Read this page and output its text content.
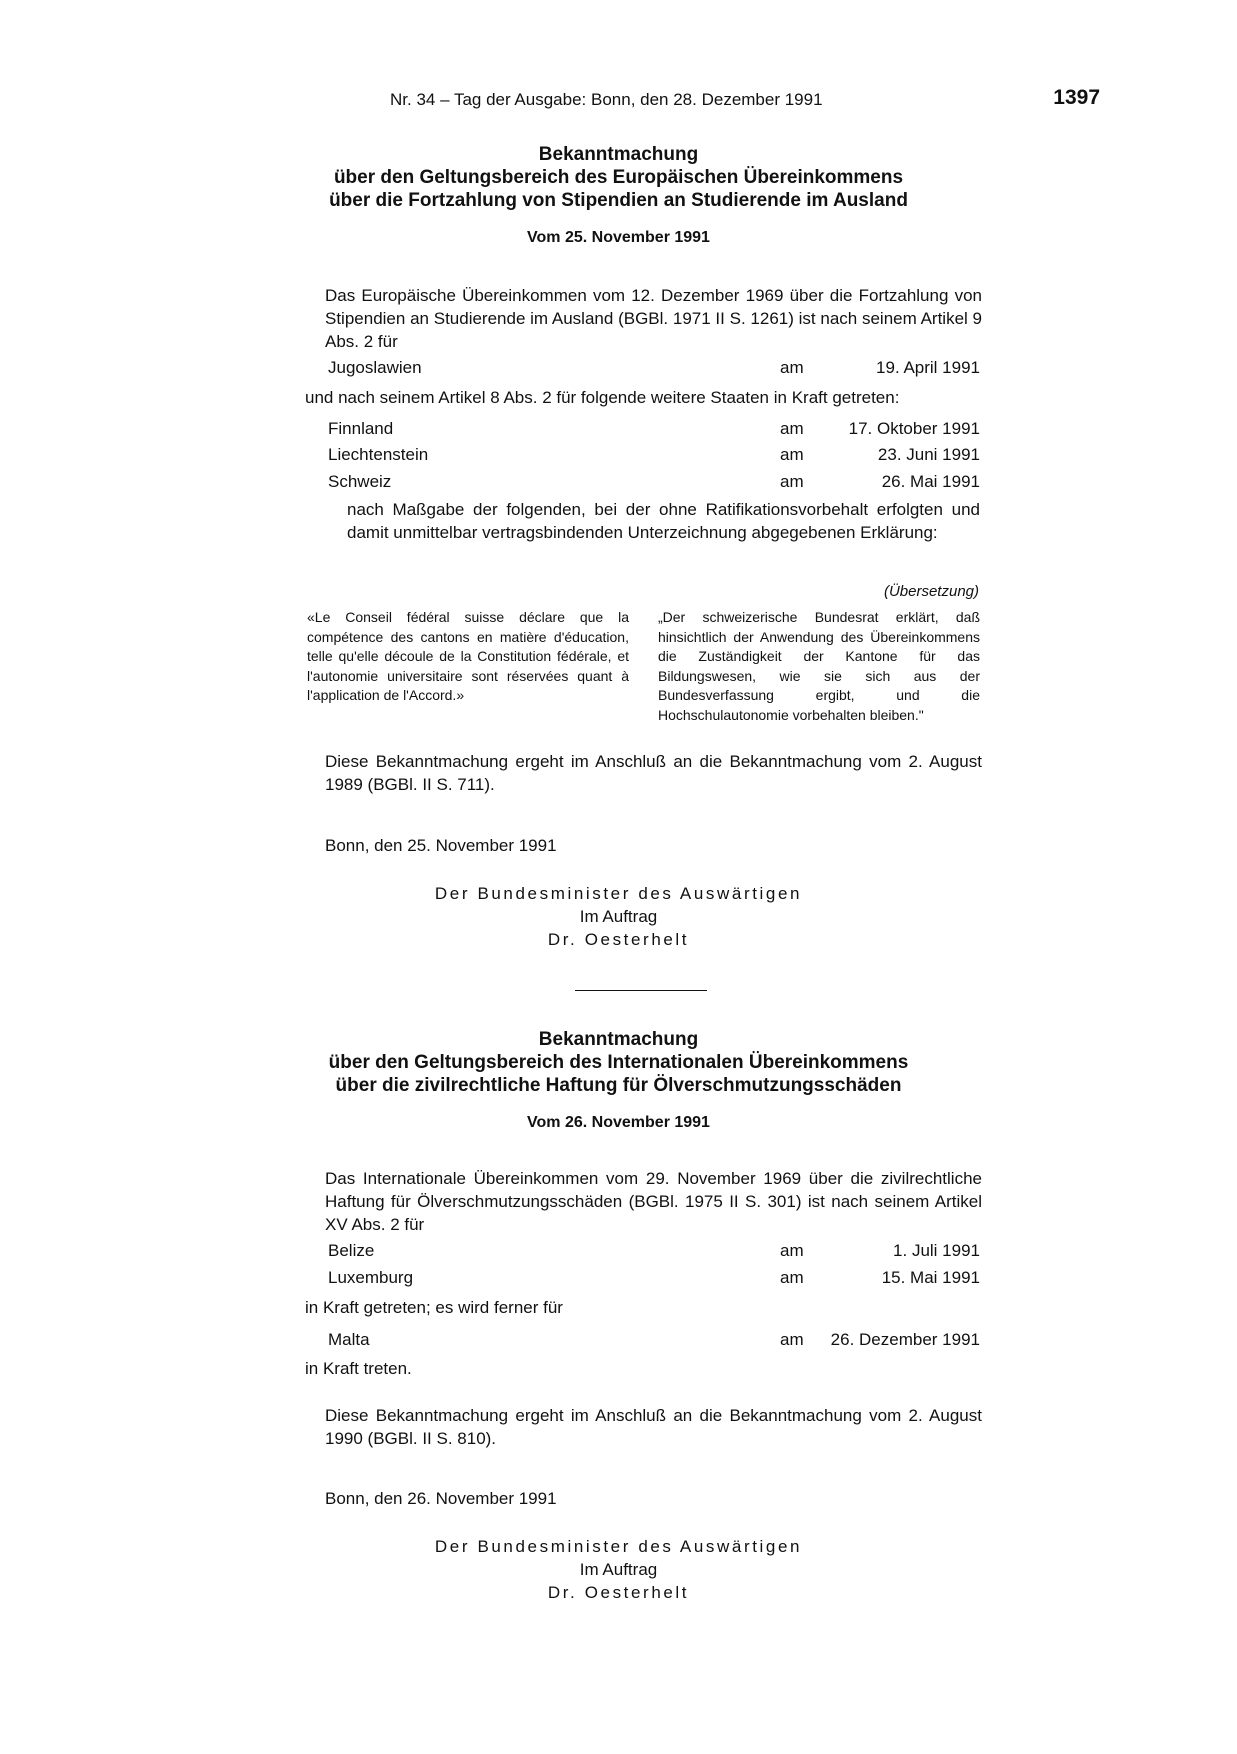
Nr. 34 – Tag der Ausgabe: Bonn, den 28. Dezember 1991	1397
Bekanntmachung
über den Geltungsbereich des Europäischen Übereinkommens
über die Fortzahlung von Stipendien an Studierende im Ausland
Vom 25. November 1991
Das Europäische Übereinkommen vom 12. Dezember 1969 über die Fortzahlung von Stipendien an Studierende im Ausland (BGBl. 1971 II S. 1261) ist nach seinem Artikel 9 Abs. 2 für
Jugoslawien	am	19. April 1991
und nach seinem Artikel 8 Abs. 2 für folgende weitere Staaten in Kraft getreten:
Finnland	am	17. Oktober 1991
Liechtenstein	am	23. Juni 1991
Schweiz	am	26. Mai 1991
nach Maßgabe der folgenden, bei der ohne Ratifikationsvorbehalt erfolgten und damit unmittelbar vertragsbindenden Unterzeichnung abgegebenen Erklärung:
(Übersetzung)
«Le Conseil fédéral suisse déclare que la compétence des cantons en matière d'éducation, telle qu'elle découle de la Constitution fédérale, et l'autonomie universitaire sont réservées quant à l'application de l'Accord.»
„Der schweizerische Bundesrat erklärt, daß hinsichtlich der Anwendung des Übereinkommens die Zuständigkeit der Kantone für das Bildungswesen, wie sie sich aus der Bundesverfassung ergibt, und die Hochschulautonomie vorbehalten bleiben."
Diese Bekanntmachung ergeht im Anschluß an die Bekanntmachung vom 2. August 1989 (BGBl. II S. 711).
Bonn, den 25. November 1991
Der Bundesminister des Auswärtigen
Im Auftrag
Dr. Oesterhelt
Bekanntmachung
über den Geltungsbereich des Internationalen Übereinkommens
über die zivilrechtliche Haftung für Ölverschmutzungsschäden
Vom 26. November 1991
Das Internationale Übereinkommen vom 29. November 1969 über die zivilrechtliche Haftung für Ölverschmutzungsschäden (BGBl. 1975 II S. 301) ist nach seinem Artikel XV Abs. 2 für
Belize	am	1. Juli 1991
Luxemburg	am	15. Mai 1991
in Kraft getreten; es wird ferner für
Malta	am 26. Dezember 1991
in Kraft treten.
Diese Bekanntmachung ergeht im Anschluß an die Bekanntmachung vom 2. August 1990 (BGBl. II S. 810).
Bonn, den 26. November 1991
Der Bundesminister des Auswärtigen
Im Auftrag
Dr. Oesterhelt
